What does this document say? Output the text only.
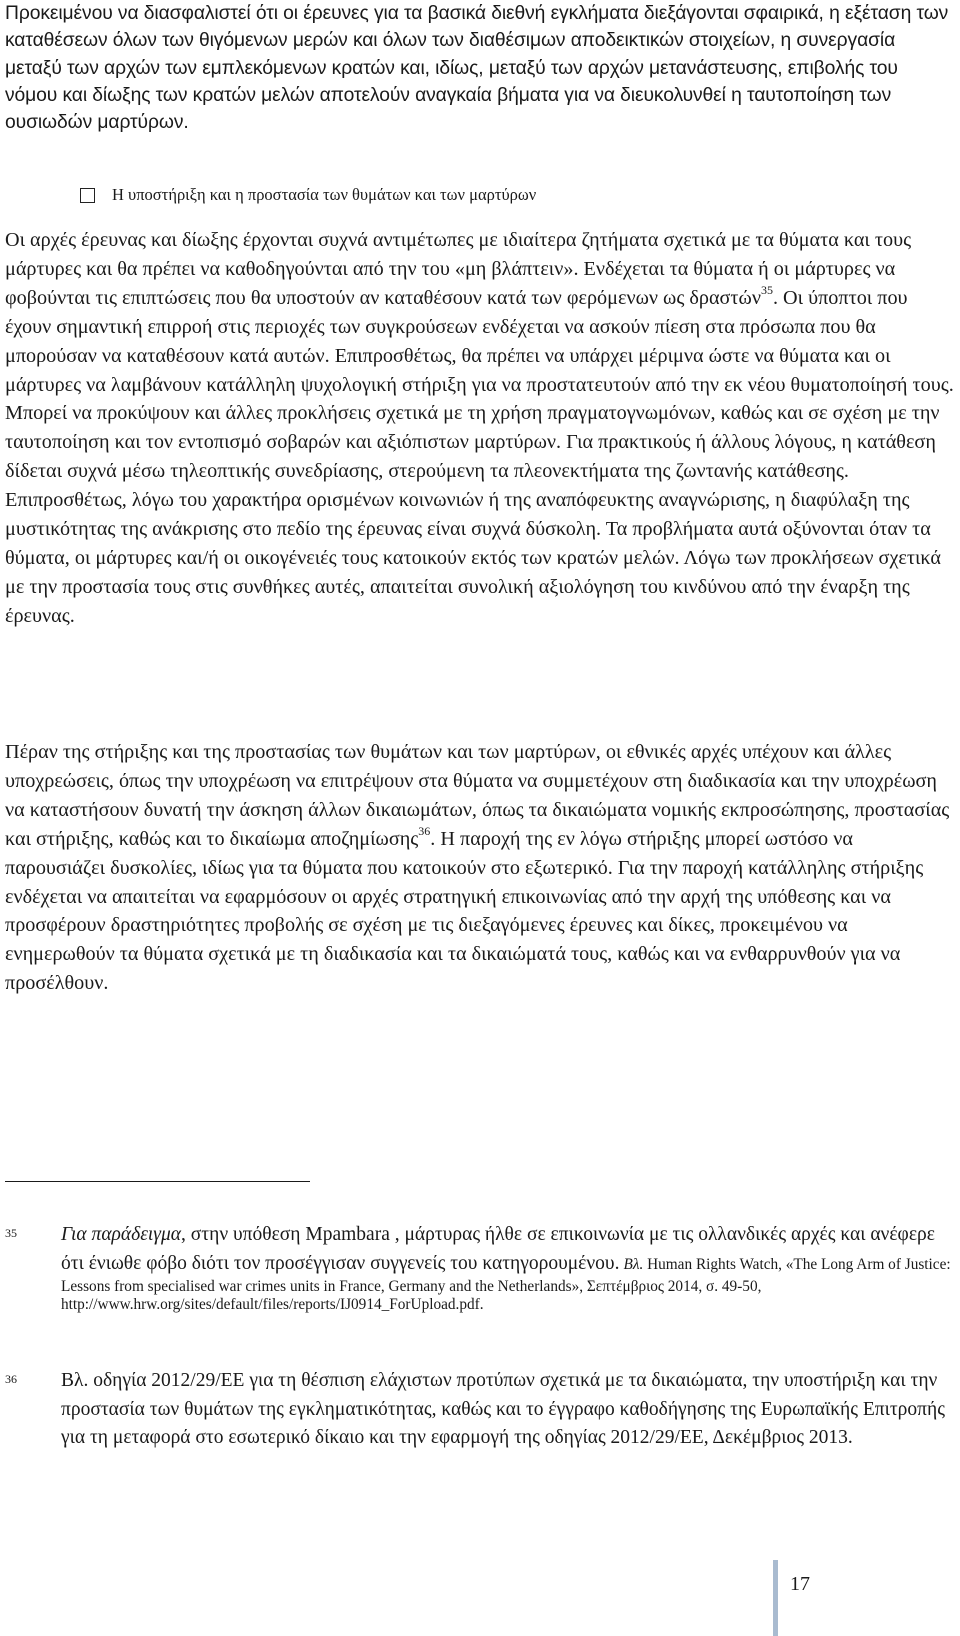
Προκειμένου να διασφαλιστεί ότι οι έρευνες για τα βασικά διεθνή εγκλήματα διεξάγονται σφαιρικά, η εξέταση των καταθέσεων όλων των θιγόμενων μερών και όλων των διαθέσιμων αποδεικτικών στοιχείων, η συνεργασία μεταξύ των αρχών των εμπλεκόμενων κρατών και, ιδίως, μεταξύ των αρχών μετανάστευσης, επιβολής του νόμου και δίωξης των κρατών μελών αποτελούν αναγκαία βήματα για να διευκολυνθεί η ταυτοποίηση των ουσιωδών μαρτύρων.

Η υποστήριξη και η προστασία των θυμάτων και των μαρτύρων

Οι αρχές έρευνας και δίωξης έρχονται συχνά αντιμέτωπες με ιδιαίτερα ζητήματα σχετικά με τα θύματα και τους μάρτυρες και θα πρέπει να καθοδηγούνται από την του «μη βλάπτειν». Ενδέχεται τα θύματα ή οι μάρτυρες να φοβούνται τις επιπτώσεις που θα υποστούν αν καταθέσουν κατά των φερόμενων ως δραστών$^{35}$. Οι ύποπτοι που έχουν σημαντική επιρροή στις περιοχές των συγκρούσεων ενδέχεται να ασκούν πίεση στα πρόσωπα που θα μπορούσαν να καταθέσουν κατά αυτών. Επιπροσθέτως, θα πρέπει να υπάρχει μέριμνα ώστε να θύματα και οι μάρτυρες να λαμβάνουν κατάλληλη ψυχολογική στήριξη για να προστατευτούν από την εκ νέου θυματοποίησή τους. Μπορεί να προκύψουν και άλλες προκλήσεις σχετικά με τη χρήση πραγματογνωμόνων, καθώς και σε σχέση με την ταυτοποίηση και τον εντοπισμό σοβαρών και αξιόπιστων μαρτύρων. Για πρακτικούς ή άλλους λόγους, η κατάθεση δίδεται συχνά μέσω τηλεοπτικής συνεδρίασης, στερούμενη τα πλεονεκτήματα της ζωντανής κατάθεσης. Επιπροσθέτως, λόγω του χαρακτήρα ορισμένων κοινωνιών ή της αναπόφευκτης αναγνώρισης, η διαφύλαξη της μυστικότητας της ανάκρισης στο πεδίο της έρευνας είναι συχνά δύσκολη. Τα προβλήματα αυτά οξύνονται όταν τα θύματα, οι μάρτυρες και/ή οι οικογένειές τους κατοικούν εκτός των κρατών μελών. Λόγω των προκλήσεων σχετικά με την προστασία τους στις συνθήκες αυτές, απαιτείται συνολική αξιολόγηση του κινδύνου από την έναρξη της έρευνας.

Πέραν της στήριξης και της προστασίας των θυμάτων και των μαρτύρων, οι εθνικές αρχές υπέχουν και άλλες υποχρεώσεις, όπως την υποχρέωση να επιτρέψουν στα θύματα να συμμετέχουν στη διαδικασία και την υποχρέωση να καταστήσουν δυνατή την άσκηση άλλων δικαιωμάτων, όπως τα δικαιώματα νομικής εκπροσώπησης, προστασίας και στήριξης, καθώς και το δικαίωμα αποζημίωσης$^{36}$. Η παροχή της εν λόγω στήριξης μπορεί ωστόσο να παρουσιάζει δυσκολίες, ιδίως για τα θύματα που κατοικούν στο εξωτερικό. Για την παροχή κατάλληλης στήριξης ενδέχεται να απαιτείται να εφαρμόσουν οι αρχές στρατηγική επικοινωνίας από την αρχή της υπόθεσης και να προσφέρουν δραστηριότητες προβολής σε σχέση με τις διεξαγόμενες έρευνες και δίκες, προκειμένου να ενημερωθούν τα θύματα σχετικά με τη διαδικασία και τα δικαιώματά τους, καθώς και να ενθαρρυνθούν για να προσέλθουν.

35 Για παράδειγμα, στην υπόθεση Mpambara , μάρτυρας ήλθε σε επικοινωνία με τις ολλανδικές αρχές και ανέφερε ότι ένιωθε φόβο διότι τον προσέγγισαν συγγενείς του κατηγορουμένου. Βλ. Human Rights Watch, «The Long Arm of Justice: Lessons from specialised war crimes units in France, Germany and the Netherlands», Σεπτέμβριος 2014, σ. 49-50, http://www.hrw.org/sites/default/files/reports/IJ0914_ForUpload.pdf.
36 Βλ. οδηγία 2012/29/ΕΕ για τη θέσπιση ελάχιστων προτύπων σχετικά με τα δικαιώματα, την υποστήριξη και την προστασία των θυμάτων της εγκληματικότητας, καθώς και το έγγραφο καθοδήγησης της Ευρωπαϊκής Επιτροπής για τη μεταφορά στο εσωτερικό δίκαιο και την εφαρμογή της οδηγίας 2012/29/ΕΕ, Δεκέμβριος 2013.

17
